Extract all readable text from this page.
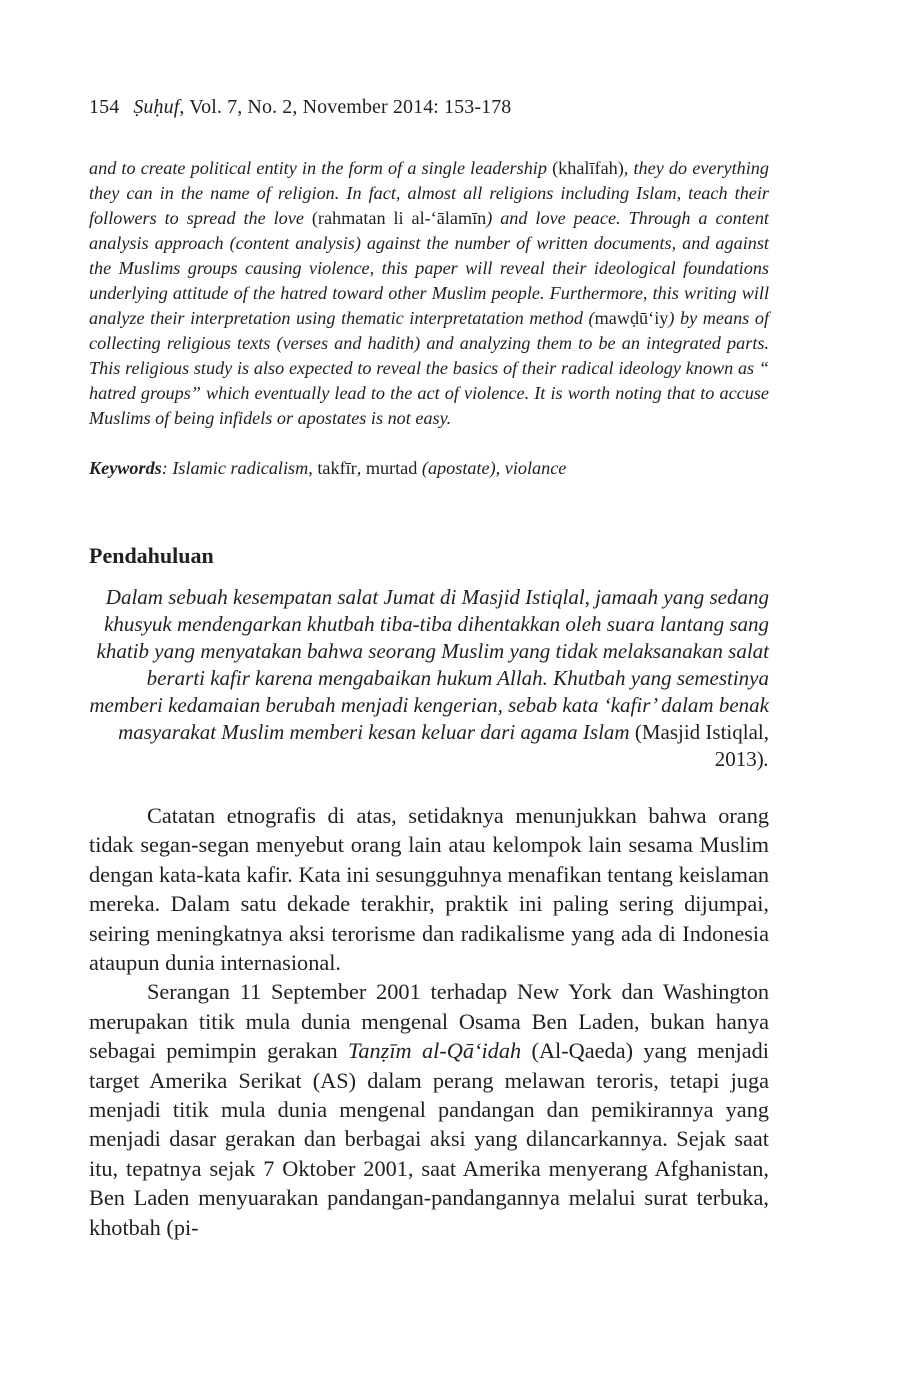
154 Ṣuḥuf, Vol. 7, No. 2, November 2014: 153-178
and to create political entity in the form of a single leadership (khalīfah), they do everything they can in the name of religion. In fact, almost all religions including Islam, teach their followers to spread the love (rahmatan li al-‘ālamīn) and love peace. Through a content analysis approach (content analysis) against the number of written documents, and against the Muslims groups causing violence, this paper will reveal their ideological foundations underlying attitude of the hatred toward other Muslim people. Furthermore, this writing will analyze their interpretation using thematic interpretatation method (mawḍū‘iy) by means of collecting religious texts (verses and hadith) and analyzing them to be an integrated parts. This religious study is also expected to reveal the basics of their radical ideology known as “ hatred groups” which eventually lead to the act of violence. It is worth noting that to accuse Muslims of being infidels or apostates is not easy.
Keywords: Islamic radicalism, takfīr, murtad (apostate), violance
Pendahuluan
Dalam sebuah kesempatan salat Jumat di Masjid Istiqlal, jamaah yang sedang khusyuk mendengarkan khutbah tiba-tiba dihentakkan oleh suara lantang sang khatib yang menyatakan bahwa seorang Muslim yang tidak melaksanakan salat berarti kafir karena mengabaikan hukum Allah. Khutbah yang semestinya memberi kedamaian berubah menjadi kengerian, sebab kata ‘kafir’ dalam benak masyarakat Muslim memberi kesan keluar dari agama Islam (Masjid Istiqlal, 2013).

Catatan etnografis di atas, setidaknya menunjukkan bahwa orang tidak segan-segan menyebut orang lain atau kelompok lain sesama Muslim dengan kata-kata kafir. Kata ini sesungguhnya menafikan tentang keislaman mereka. Dalam satu dekade terakhir, praktik ini paling sering dijumpai, seiring meningkatnya aksi terorisme dan radikalisme yang ada di Indonesia ataupun dunia internasional.

Serangan 11 September 2001 terhadap New York dan Washington merupakan titik mula dunia mengenal Osama Ben Laden, bukan hanya sebagai pemimpin gerakan Tanẓīm al-Qā‘idah (Al-Qaeda) yang menjadi target Amerika Serikat (AS) dalam perang melawan teroris, tetapi juga menjadi titik mula dunia mengenal pandangan dan pemikirannya yang menjadi dasar gerakan dan berbagai aksi yang dilancarkannya. Sejak saat itu, tepatnya sejak 7 Oktober 2001, saat Amerika menyerang Afghanistan, Ben Laden menyuarakan pandangan-pandangannya melalui surat terbuka, khotbah (pi-
